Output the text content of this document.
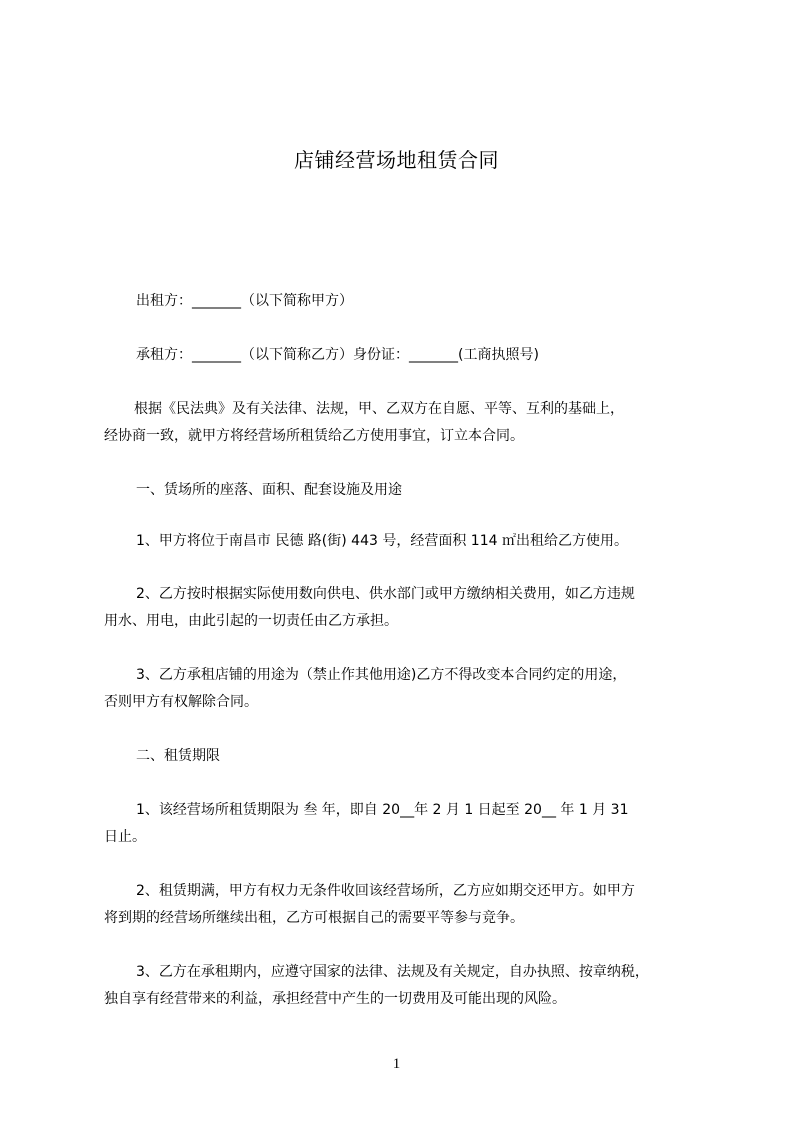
店铺经营场地租赁合同
出租方：_______（以下简称甲方）
承租方：_______（以下简称乙方）身份证：_______(工商执照号)
根据《民法典》及有关法律、法规，甲、乙双方在自愿、平等、互利的基础上，
经协商一致，就甲方将经营场所租赁给乙方使用事宜，订立本合同。
一、赁场所的座落、面积、配套设施及用途
1、甲方将位于南昌市 民德 路(街) 443 号，经营面积 114 ㎡出租给乙方使用。
2、乙方按时根据实际使用数向供电、供水部门或甲方缴纳相关费用，如乙方违规
用水、用电，由此引起的一切责任由乙方承担。
3、乙方承租店铺的用途为（禁止作其他用途)乙方不得改变本合同约定的用途，
否则甲方有权解除合同。
二、租赁期限
1、该经营场所租赁期限为 叁 年，即自 20__年 2 月 1 日起至 20__ 年 1 月 31
日止。
2、租赁期满，甲方有权力无条件收回该经营场所，乙方应如期交还甲方。如甲方
将到期的经营场所继续出租，乙方可根据自己的需要平等参与竞争。
3、乙方在承租期内，应遵守国家的法律、法规及有关规定，自办执照、按章纳税，
独自享有经营带来的利益，承担经营中产生的一切费用及可能出现的风险。
1
